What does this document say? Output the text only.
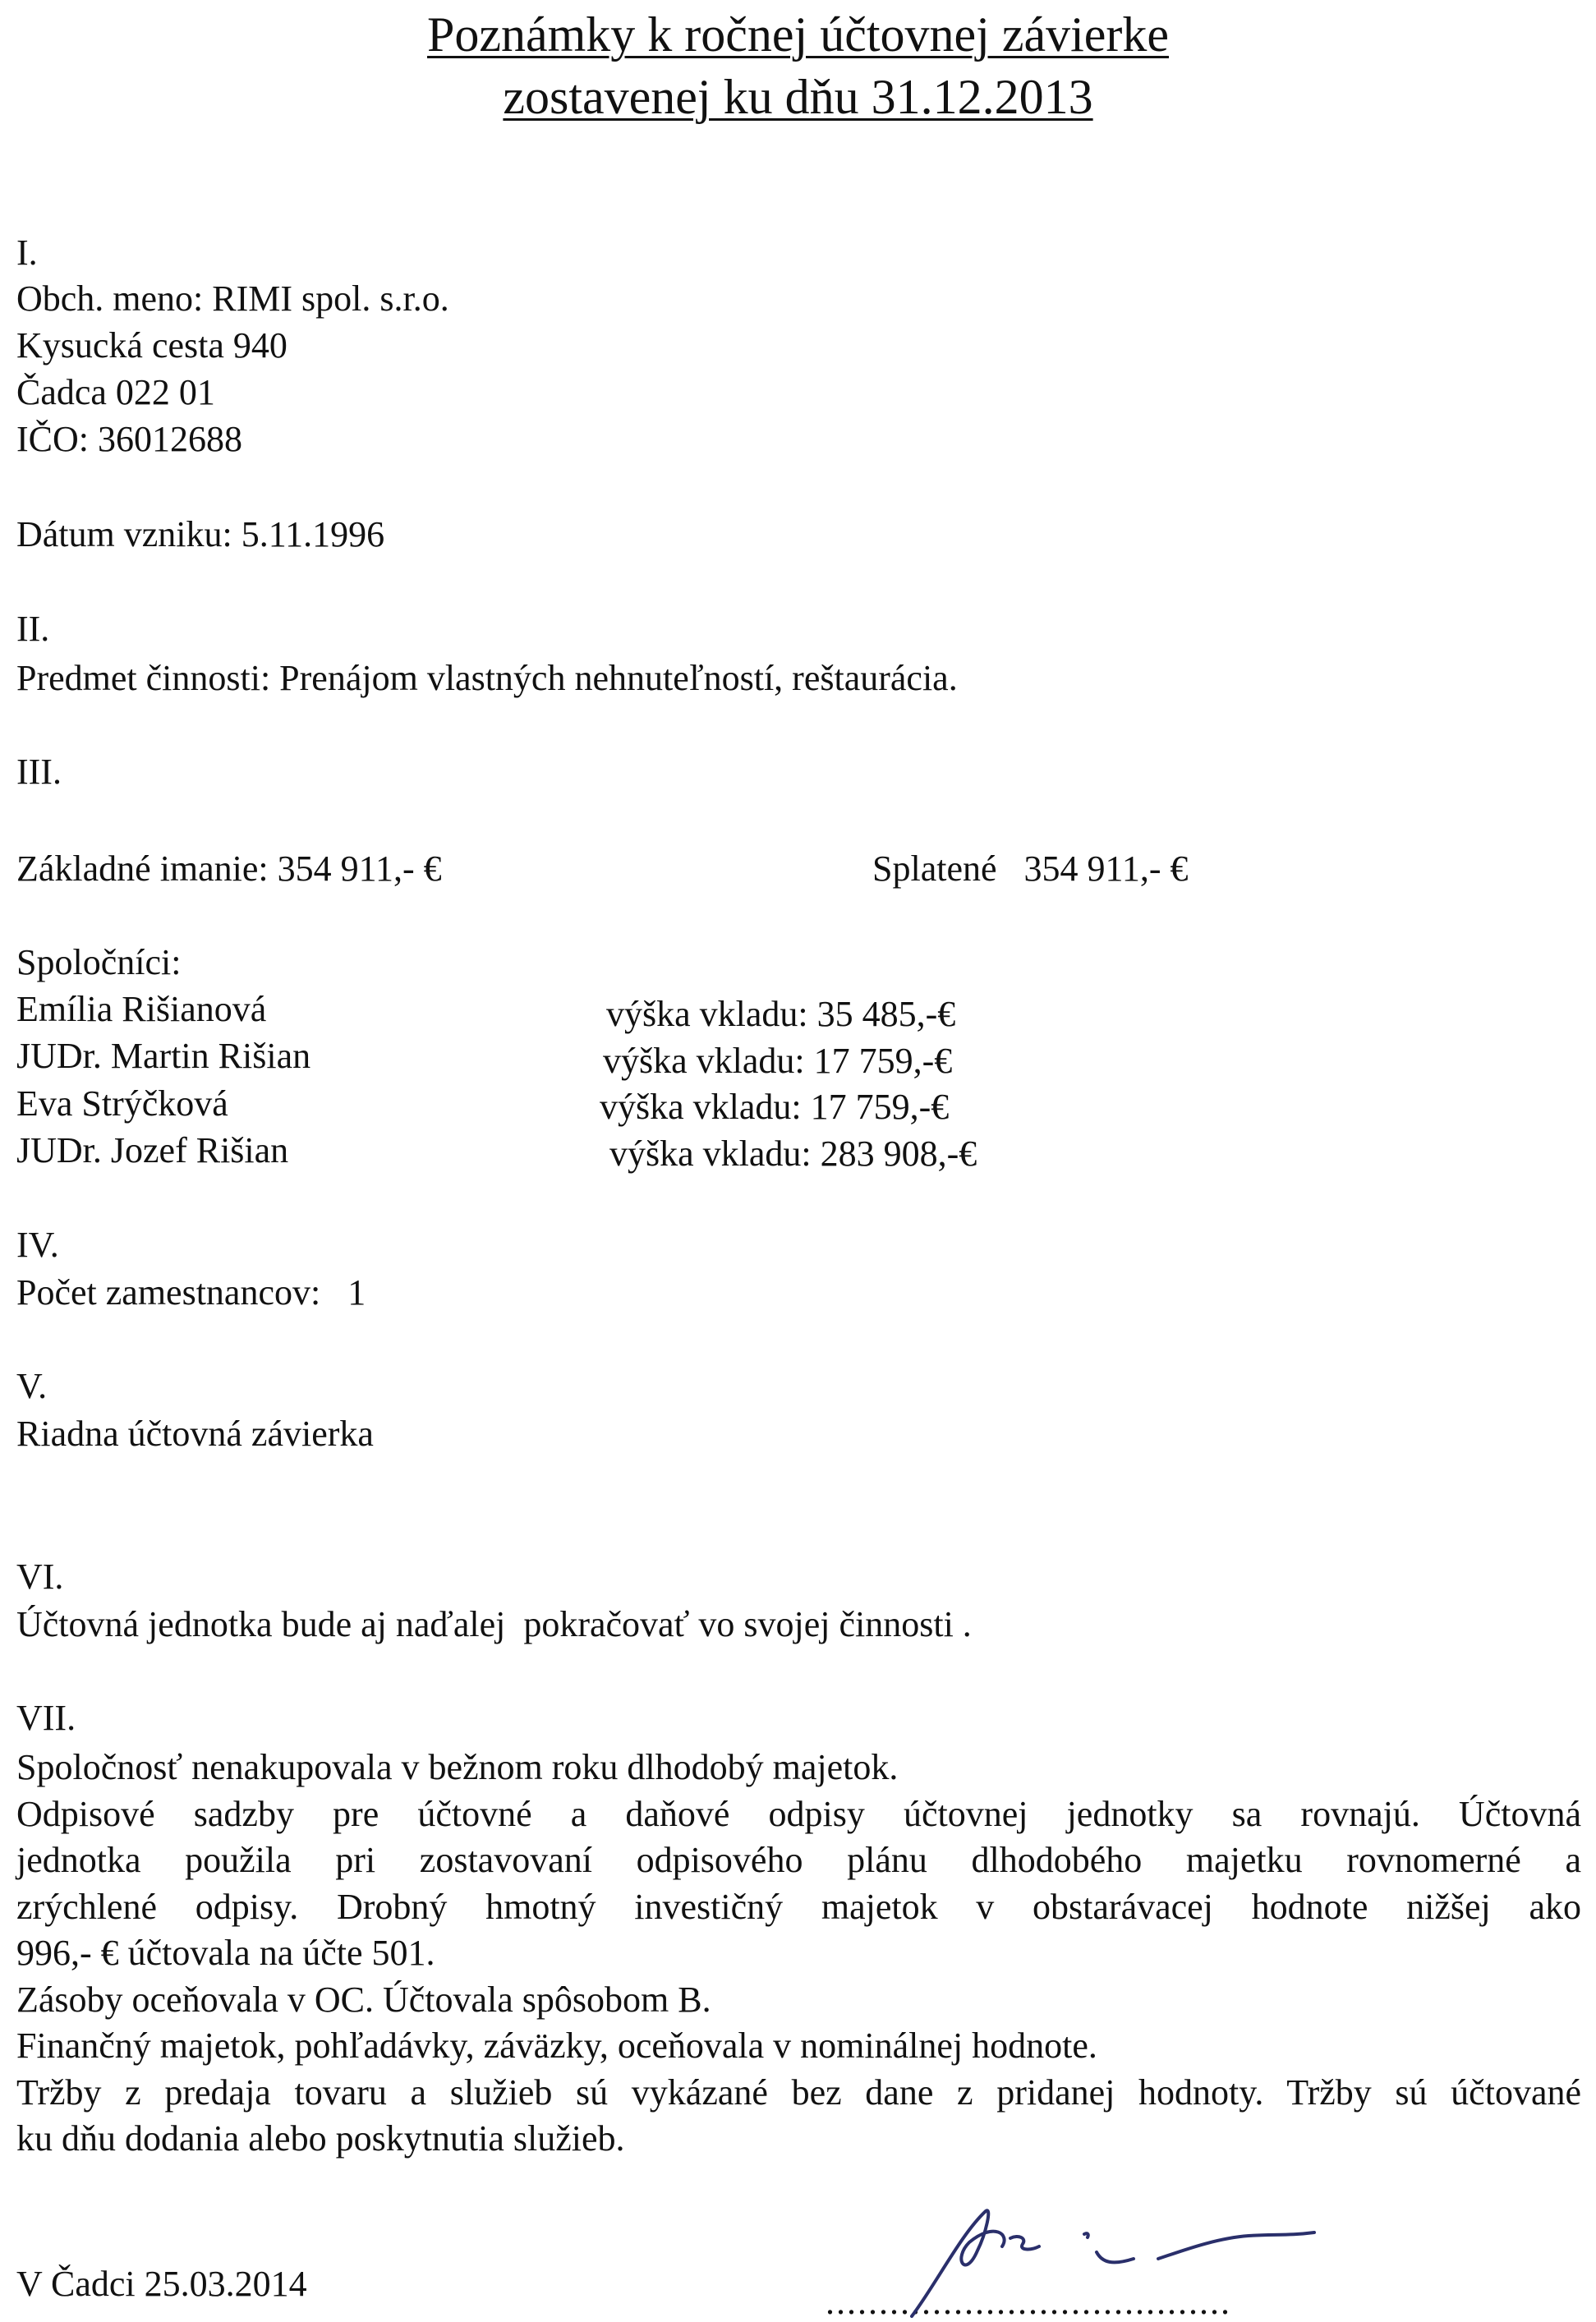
Poznámky k ročnej účtovnej závierke
zostavenej ku dňu 31.12.2013
I.
Obch. meno: RIMI spol. s.r.o.
Kysucká cesta 940
Čadca 022 01
IČO: 36012688
Dátum vzniku: 5.11.1996
II.
Predmet činnosti: Prenájom vlastných nehnuteľností, reštaurácia.
III.
Základné imanie: 354 911,- €	Splatené   354 911,- €
Spoločníci:
Emília Rišianová	výška vkladu: 35 485,-€
JUDr. Martin Rišian	výška vkladu: 17 759,-€
Eva Strýčková	výška vkladu: 17 759,-€
JUDr. Jozef Rišian	výška vkladu: 283 908,-€
IV.
Počet zamestnancov:   1
V.
Riadna účtovná závierka
VI.
Účtovná jednotka bude aj naďalej  pokračovať vo svojej činnosti .
VII.
Spoločnosť nenakupovala v bežnom roku dlhodobý majetok.
Odpisové sadzby pre účtovné a daňové odpisy účtovnej jednotky sa rovnajú. Účtovná
jednotka použila pri zostavovaní odpisového plánu dlhodobého majetku rovnomerné a
zrýchlené odpisy. Drobný hmotný investičný majetok v obstarávacej hodnote nižšej ako
996,- € účtovala na účte 501.
Zásoby oceňovala v OC. Účtovala spôsobom B.
Finančný majetok, pohľadávky, záväzky, oceňovala v nominálnej hodnote.
Tržby z predaja tovaru a služieb sú vykázané bez dane z pridanej hodnoty. Tržby sú účtované
ku dňu dodania alebo poskytnutia služieb.
V Čadci 25.03.2014	......................................
